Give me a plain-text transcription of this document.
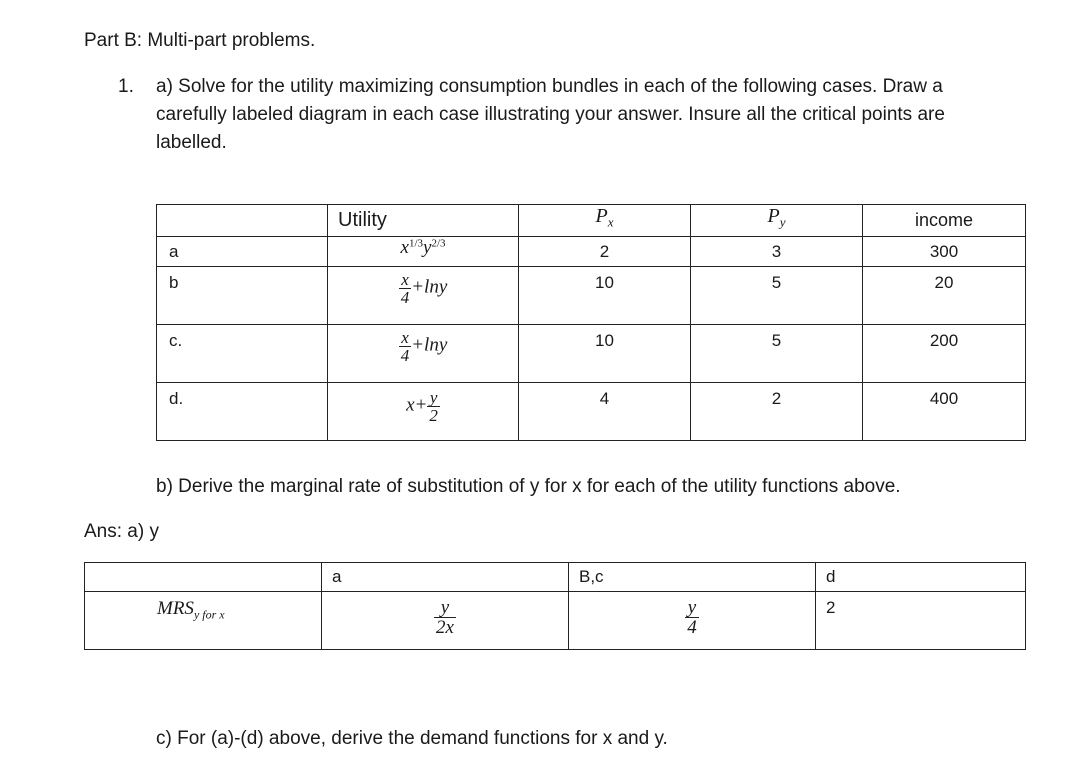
Part B: Multi-part problems.
1. a) Solve for the utility maximizing consumption bundles in each of the following cases. Draw a
carefully labeled diagram in each case illustrating your answer. Insure all the critical points are
labelled.
	Utility	$P_x$	$P_y$	income
a	$x^{1/3}y^{2/3}$	2	3	300
b	$\frac{x}{4} +\ln y$	10	5	20
c.	$\frac{x}{4} +\ln y$	10	5	200
d.	$x+ \frac{y}{2}$	4	2	400
b) Derive the marginal rate of substitution of y for x for each of the utility functions above.
Ans: a) y
	a	B,c	d
$MRS_{y for x}$	$\frac{y}{2x}$	$\frac{y}{4}$	2
c) For (a)-(d) above, derive the demand functions for x and y.
